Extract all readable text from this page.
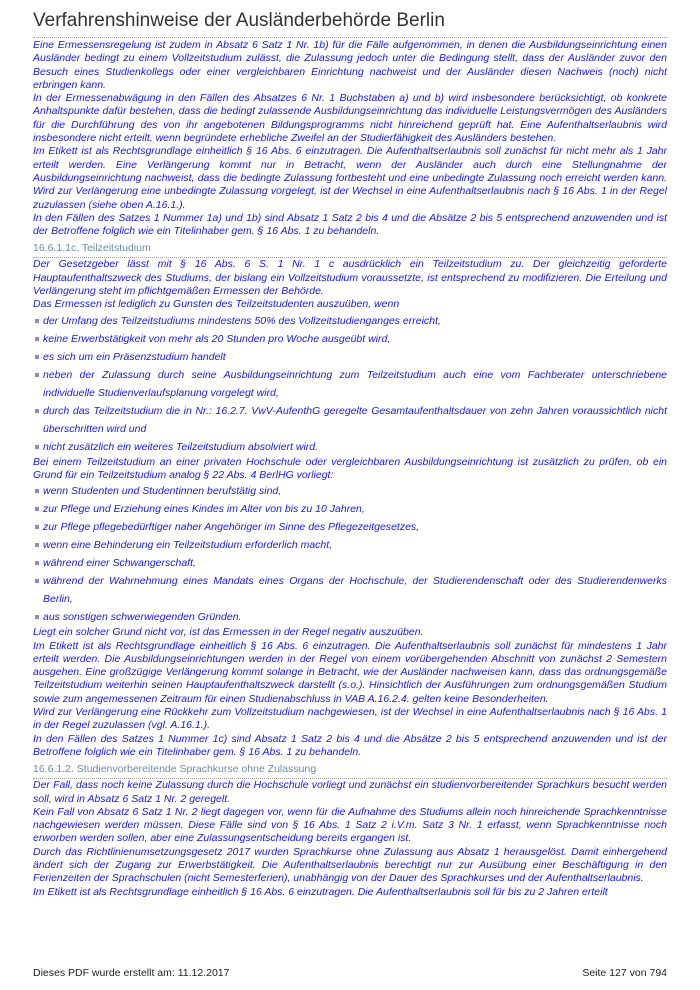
Verfahrenshinweise der Ausländerbehörde Berlin

Eine Ermessensregelung ist zudem in Absatz 6 Satz 1 Nr. 1b) für die Fälle aufgenommen, in denen die Ausbildungseinrichtung einen Ausländer bedingt zu einem Vollzeitstudium zulässt, die Zulassung jedoch unter die Bedingung stellt, dass der Ausländer zuvor den Besuch eines Studienkollegs oder einer vergleichbaren Einrichtung nachweist und der Ausländer diesen Nachweis (noch) nicht erbringen kann.

In der Ermessenabwägung in den Fällen des Absatzes 6 Nr. 1 Buchstaben a) und b) wird insbesondere berücksichtigt, ob konkrete Anhaltspunkte dafür bestehen, dass die bedingt zulassende Ausbildungseinrichtung das individuelle Leistungsvermögen des Ausländers für die Durchführung des von ihr angebotenen Bildungsprogramms nicht hinreichend geprüft hat. Eine Aufenthaltserlaubnis wird insbesondere nicht erteilt, wenn begründete erhebliche Zweifel an der Studierfähigkeit des Ausländers bestehen.

Im Etikett ist als Rechtsgrundlage einheitlich § 16 Abs. 6 einzutragen. Die Aufenthaltserlaubnis soll zunächst für nicht mehr als 1 Jahr erteilt werden. Eine Verlängerung kommt nur in Betracht, wenn der Ausländer auch durch eine Stellungnahme der Ausbildungseinrichtung nachweist, dass die bedingte Zulassung fortbesteht und eine unbedingte Zulassung noch erreicht werden kann. Wird zur Verlängerung eine unbedingte Zulassung vorgelegt, ist der Wechsel in eine Aufenthaltserlaubnis nach § 16 Abs. 1 in der Regel zuzulassen (siehe oben A.16.1.).

In den Fällen des Satzes 1 Nummer 1a) und 1b) sind Absatz 1 Satz 2 bis 4 und die Absätze 2 bis 5 entsprechend anzuwenden und ist der Betroffene folglich wie ein Titelinhaber gem. § 16 Abs. 1 zu behandeln.

16.6.1.1c. Teilzeitstudium

Der Gesetzgeber lässt mit § 16 Abs. 6 S. 1 Nr. 1 c ausdrücklich ein Teilzeitstudium zu. Der gleichzeitig geforderte Hauptaufenthaltszweck des Studiums, der bislang ein Vollzeitstudium voraussetzte, ist entsprechend zu modifizieren. Die Erteilung und Verlängerung steht im pflichtgemäßen Ermessen der Behörde.

Das Ermessen ist lediglich zu Gunsten des Teilzeitstudenten auszuüben, wenn

der Umfang des Teilzeitstudiums mindestens 50% des Vollzeitstudienganges erreicht,
keine Erwerbstätigkeit von mehr als 20 Stunden pro Woche ausgeübt wird,
es sich um ein Präsenzstudium handelt
neben der Zulassung durch seine Ausbildungseinrichtung zum Teilzeitstudium auch eine vom Fachberater unterschriebene individuelle Studienverlaufsplanung vorgelegt wird,
durch das Teilzeitstudium die in Nr.: 16.2.7. VwV-AufenthG geregelte Gesamtaufenthaltsdauer von zehn Jahren voraussichtlich nicht überschritten wird und
nicht zusätzlich ein weiteres Teilzeitstudium absolviert wird.

Bei einem Teilzeitstudium an einer privaten Hochschule oder vergleichbaren Ausbildungseinrichtung ist zusätzlich zu prüfen, ob ein Grund für ein Teilzeitstudium analog § 22 Abs. 4 BerlHG vorliegt:

wenn Studenten und Studentinnen berufstätig sind,
zur Pflege und Erziehung eines Kindes im Alter von bis zu 10 Jahren,
zur Pflege pflegebedürftiger naher Angehöriger im Sinne des Pflegezeitgesetzes,
wenn eine Behinderung ein Teilzeitstudium erforderlich macht,
während einer Schwangerschaft,
während der Wahrnehmung eines Mandats eines Organs der Hochschule, der Studierendenschaft oder des Studierendenwerks Berlin,
aus sonstigen schwerwiegenden Gründen.

Liegt ein solcher Grund nicht vor, ist das Ermessen in der Regel negativ auszuüben.

Im Etikett ist als Rechtsgrundlage einheitlich § 16 Abs. 6 einzutragen. Die Aufenthaltserlaubnis soll zunächst für mindestens 1 Jahr erteilt werden. Die Ausbildungseinrichtungen werden in der Regel von einem vorübergehenden Abschnitt von zunächst 2 Semestern ausgehen. Eine großzügige Verlängerung kommt solange in Betracht, wie der Ausländer nachweisen kann, dass das ordnungsgemäße Teilzeitstudium weiterhin seinen Hauptaufenthaltszweck darstellt (s.o.). Hinsichtlich der Ausführungen zum ordnungsgemäßen Studium sowie zum angemessenen Zeitraum für einen Studienabschluss in VAB A.16.2.4. gelten keine Besonderheiten.

Wird zur Verlängerung eine Rückkehr zum Vollzeitstudium nachgewiesen, ist der Wechsel in eine Aufenthaltserlaubnis nach § 16 Abs. 1 in der Regel zuzulassen (vgl. A.16.1.).

In den Fällen des Satzes 1 Nummer 1c) sind Absatz 1 Satz 2 bis 4 und die Absätze 2 bis 5 entsprechend anzuwenden und ist der Betroffene folglich wie ein Titelinhaber gem. § 16 Abs. 1 zu behandeln.

16.6.1.2. Studienvorbereitende Sprachkurse ohne Zulassung

Der Fall, dass noch keine Zulassung durch die Hochschule vorliegt und zunächst ein studienvorbereitender Sprachkurs besucht werden soll, wird in Absatz 6 Satz 1 Nr. 2 geregelt.

Kein Fall von Absatz 6 Satz 1 Nr. 2 liegt dagegen vor, wenn für die Aufnahme des Studiums allein noch hinreichende Sprachkenntnisse nachgewiesen werden müssen. Diese Fälle sind von § 16 Abs. 1 Satz 2 i.V.m. Satz 3 Nr. 1 erfasst, wenn Sprachkenntnisse noch erworben werden sollen, aber eine Zulassungsentscheidung bereits ergangen ist.

Durch das Richtlinienumsetzungsgesetz 2017 wurden Sprachkurse ohne Zulassung aus Absatz 1 herausgelöst. Damit einhergehend ändert sich der Zugang zur Erwerbstätigkeit. Die Aufenthaltserlaubnis berechtigt nur zur Ausübung einer Beschäftigung in den Ferienzeiten der Sprachschulen (nicht Semesterferien), unabhängig von der Dauer des Sprachkurses und der Aufenthaltserlaubnis.

Im Etikett ist als Rechtsgrundlage einheitlich § 16 Abs. 6 einzutragen. Die Aufenthaltserlaubnis soll für bis zu 2 Jahren erteilt

Dieses PDF wurde erstellt am: 11.12.2017	Seite 127 von 794
